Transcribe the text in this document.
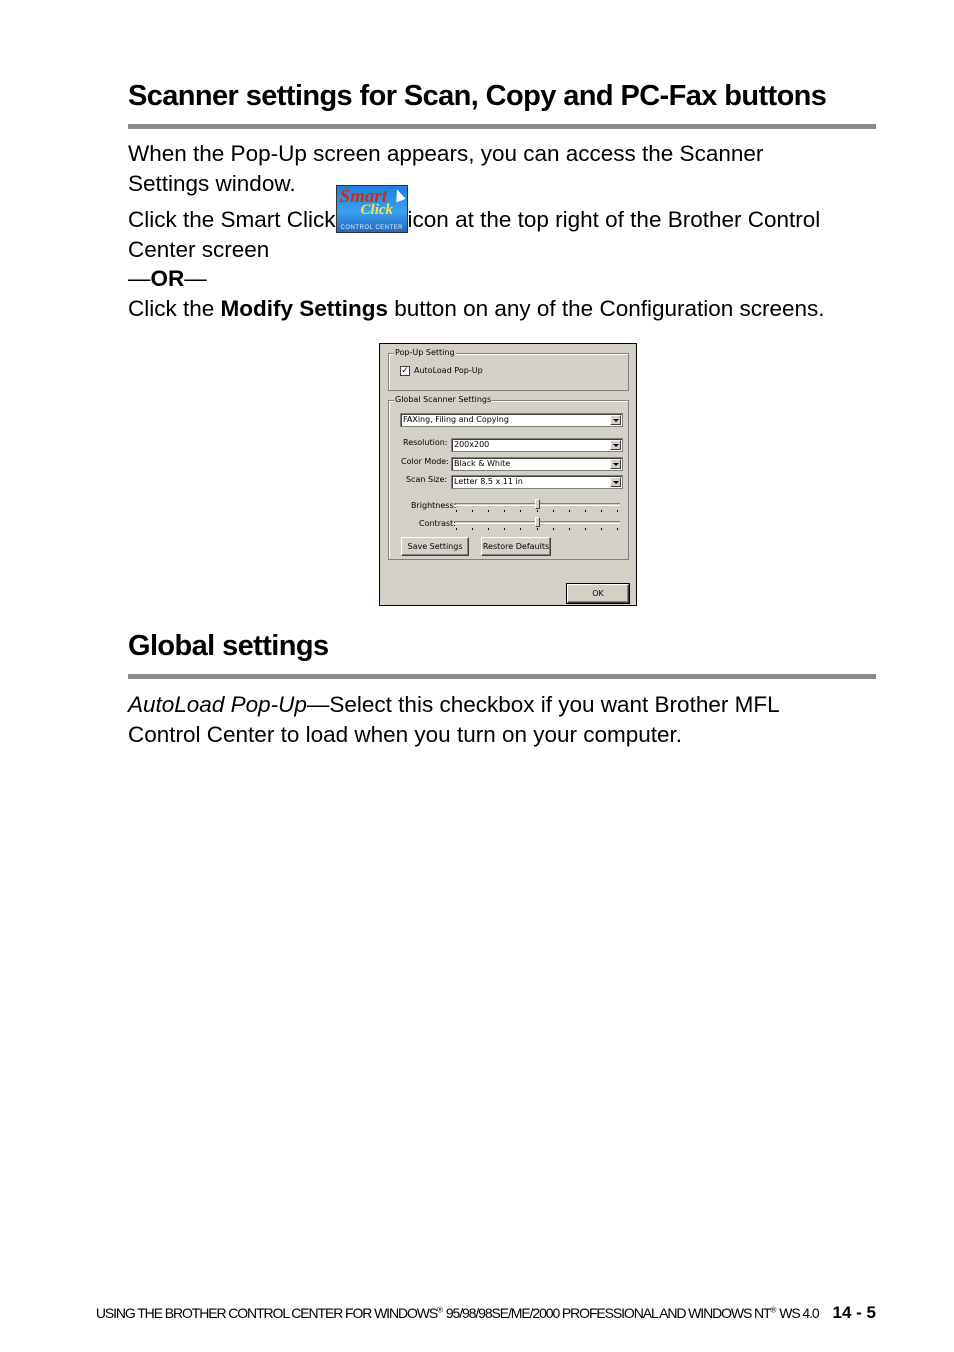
Scanner settings for Scan, Copy and PC-Fax buttons
When the Pop-Up screen appears, you can access the Scanner
Settings window.
Click the Smart Click
Smart
Click
CONTROL CENTER icon at the top right of the Brother Control
Center screen
—OR—
Click the Modify Settings button on any of the Configuration screens.
Global settings
AutoLoad Pop-Up—Select this checkbox if you want Brother MFL
Control Center to load when you turn on your computer.
Pop-Up Setting
✓ AutoLoad Pop-Up
Global Scanner Settings
FAXing, Filing and Copying
Resolution: 200x200
Color Mode: Black & White
Scan Size: Letter 8.5 x 11 in
Brightness:
Contrast:
Save Settings	Restore Defaults
OK
USING THE BROTHER CONTROL CENTER FOR WINDOWS® 95/98/98SE/ME/2000 PROFESSIONAL AND WINDOWS NT® WS 4.0 14 - 5
